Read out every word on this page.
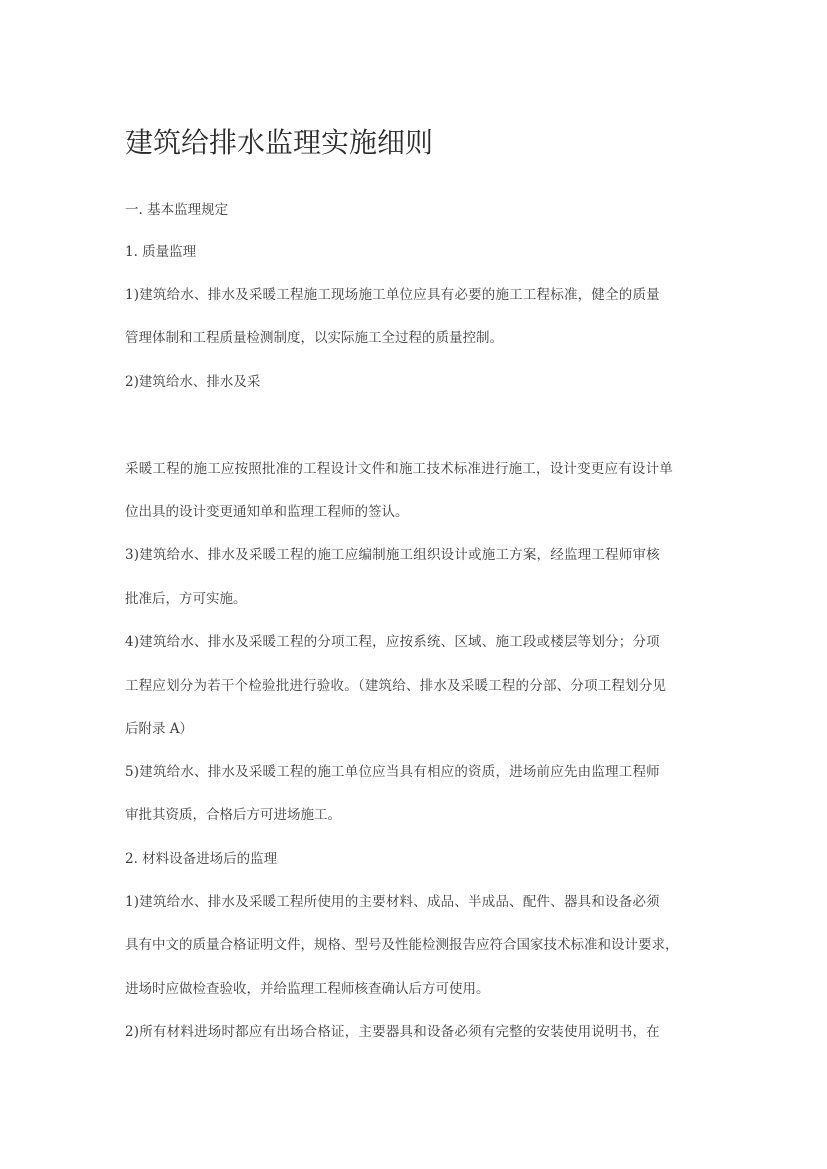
建筑给排水监理实施细则
一. 基本监理规定
1. 质量监理
1)建筑给水、排水及采暖工程施工现场施工单位应具有必要的施工工程标准，健全的质量
管理体制和工程质量检测制度，以实际施工全过程的质量控制。
2)建筑给水、排水及采
采暖工程的施工应按照批准的工程设计文件和施工技术标准进行施工，设计变更应有设计单
位出具的设计变更通知单和监理工程师的签认。
3)建筑给水、排水及采暖工程的施工应编制施工组织设计或施工方案，经监理工程师审核
批准后，方可实施。
4)建筑给水、排水及采暖工程的分项工程，应按系统、区域、施工段或楼层等划分；分项
工程应划分为若干个检验批进行验收。（建筑给、排水及采暖工程的分部、分项工程划分见
后附录 A）
5)建筑给水、排水及采暖工程的施工单位应当具有相应的资质，进场前应先由监理工程师
审批其资质，合格后方可进场施工。
2. 材料设备进场后的监理
1)建筑给水、排水及采暖工程所使用的主要材料、成品、半成品、配件、器具和设备必须
具有中文的质量合格证明文件，规格、型号及性能检测报告应符合国家技术标准和设计要求，
进场时应做检查验收，并给监理工程师核查确认后方可使用。
2)所有材料进场时都应有出场合格证，主要器具和设备必须有完整的安装使用说明书，在
